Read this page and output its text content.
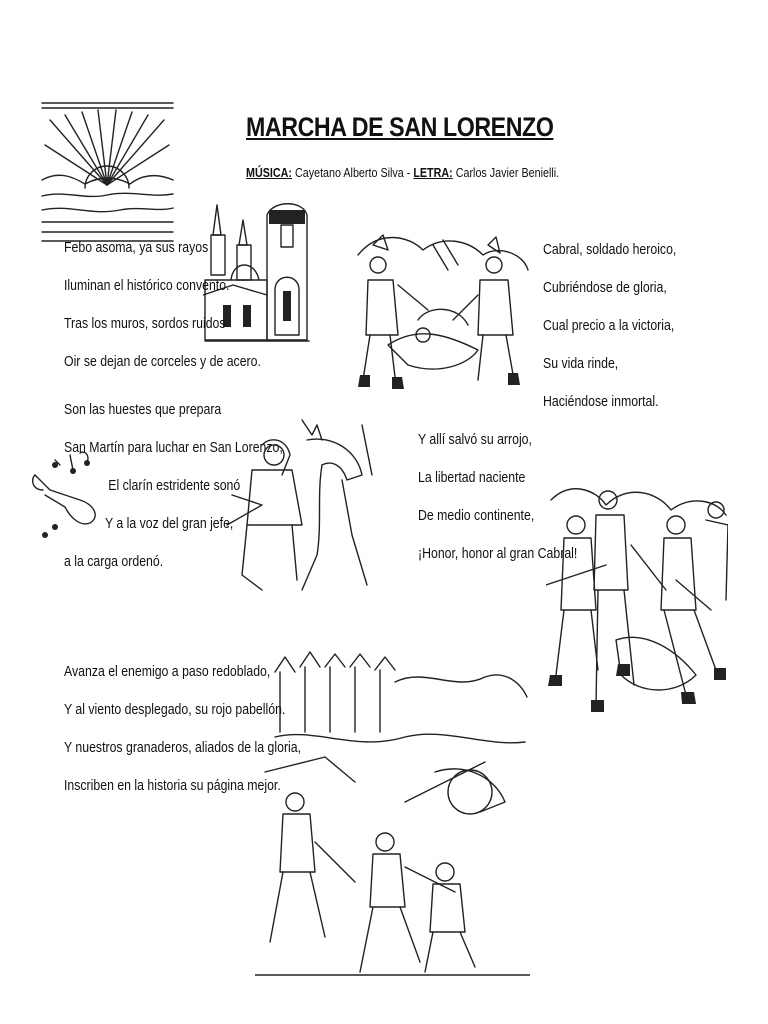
MARCHA DE SAN LORENZO
MÚSICA: Cayetano Alberto Silva - LETRA: Carlos Javier Benielli.
Febo asoma, ya sus rayos
Iluminan el histórico convento.
Tras los muros, sordos ruidos
Oir se dejan de corceles y de acero.
Cabral, soldado heroico,
Cubriéndose de gloria,
Cual precio a la victoria,
Su vida rinde,
Haciéndose inmortal.
Son las huestes que prepara
San Martín para luchar en San Lorenzo,
El clarín estridente sonó
Y a la voz del gran jefe,
a la carga ordenó.
Y allí salvó su arrojo,
La libertad naciente
De medio continente,
¡Honor, honor al gran Cabral!
Avanza el enemigo a paso redoblado,
Y al viento desplegado, su rojo pabellón.
Y nuestros granaderos, aliados de la gloria,
Inscriben en la historia su página mejor.
